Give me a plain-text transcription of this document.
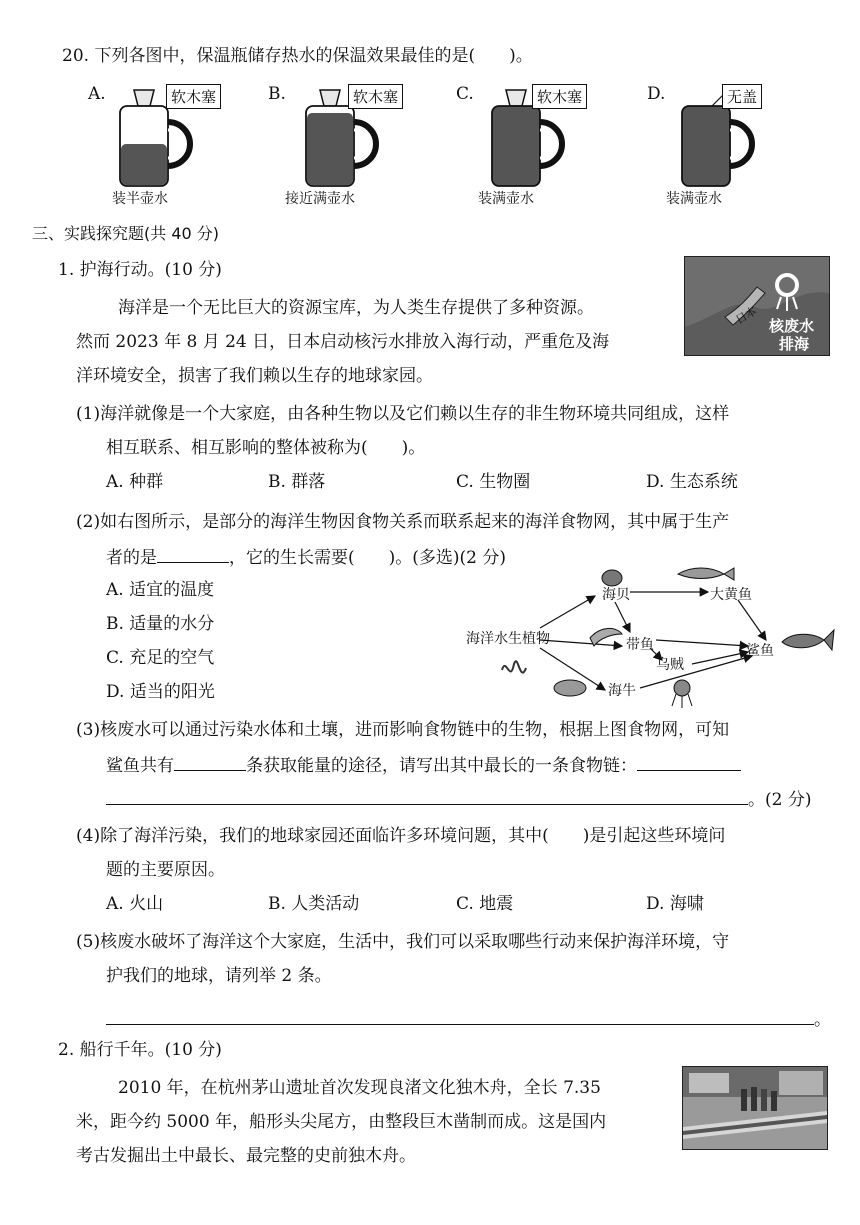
20. 下列各图中，保温瓶储存热水的保温效果最佳的是(　　)。
A.	软木塞
装半壶水
B.	软木塞
接近满壶水
C.	软木塞
装满壶水
D.	无盖
装满壶水
三、实践探究题(共 40 分)
1. 护海行动。(10 分)
海洋是一个无比巨大的资源宝库，为人类生存提供了多种资源。
然而 2023 年 8 月 24 日，日本启动核污水排放入海行动，严重危及海
洋环境安全，损害了我们赖以生存的地球家园。
日本 核废水
排海
(1)海洋就像是一个大家庭，由各种生物以及它们赖以生存的非生物环境共同组成，这样
相互联系、相互影响的整体被称为(　　)。
A. 种群	B. 群落	C. 生物圈	D. 生态系统
(2)如右图所示，是部分的海洋生物因食物关系而联系起来的海洋食物网，其中属于生产
者的是	，它的生长需要(　　)。(多选)(2 分)
A. 适宜的温度
B. 适量的水分
C. 充足的空气
D. 适当的阳光
海洋水生植物
海贝	大黄鱼
带鱼
乌贼
鲨鱼
海牛
(3)核废水可以通过污染水体和土壤，进而影响食物链中的生物，根据上图食物网，可知
鲨鱼共有	条获取能量的途径，请写出其中最长的一条食物链：
。(2 分)
(4)除了海洋污染，我们的地球家园还面临许多环境问题，其中(　　)是引起这些环境问
题的主要原因。
A. 火山	B. 人类活动	C. 地震	D. 海啸
(5)核废水破坏了海洋这个大家庭，生活中，我们可以采取哪些行动来保护海洋环境，守
护我们的地球，请列举 2 条。
。
2. 船行千年。(10 分)
2010 年，在杭州茅山遗址首次发现良渚文化独木舟，全长 7.35
米，距今约 5000 年，船形头尖尾方，由整段巨木凿制而成。这是国内
考古发掘出土中最长、最完整的史前独木舟。
